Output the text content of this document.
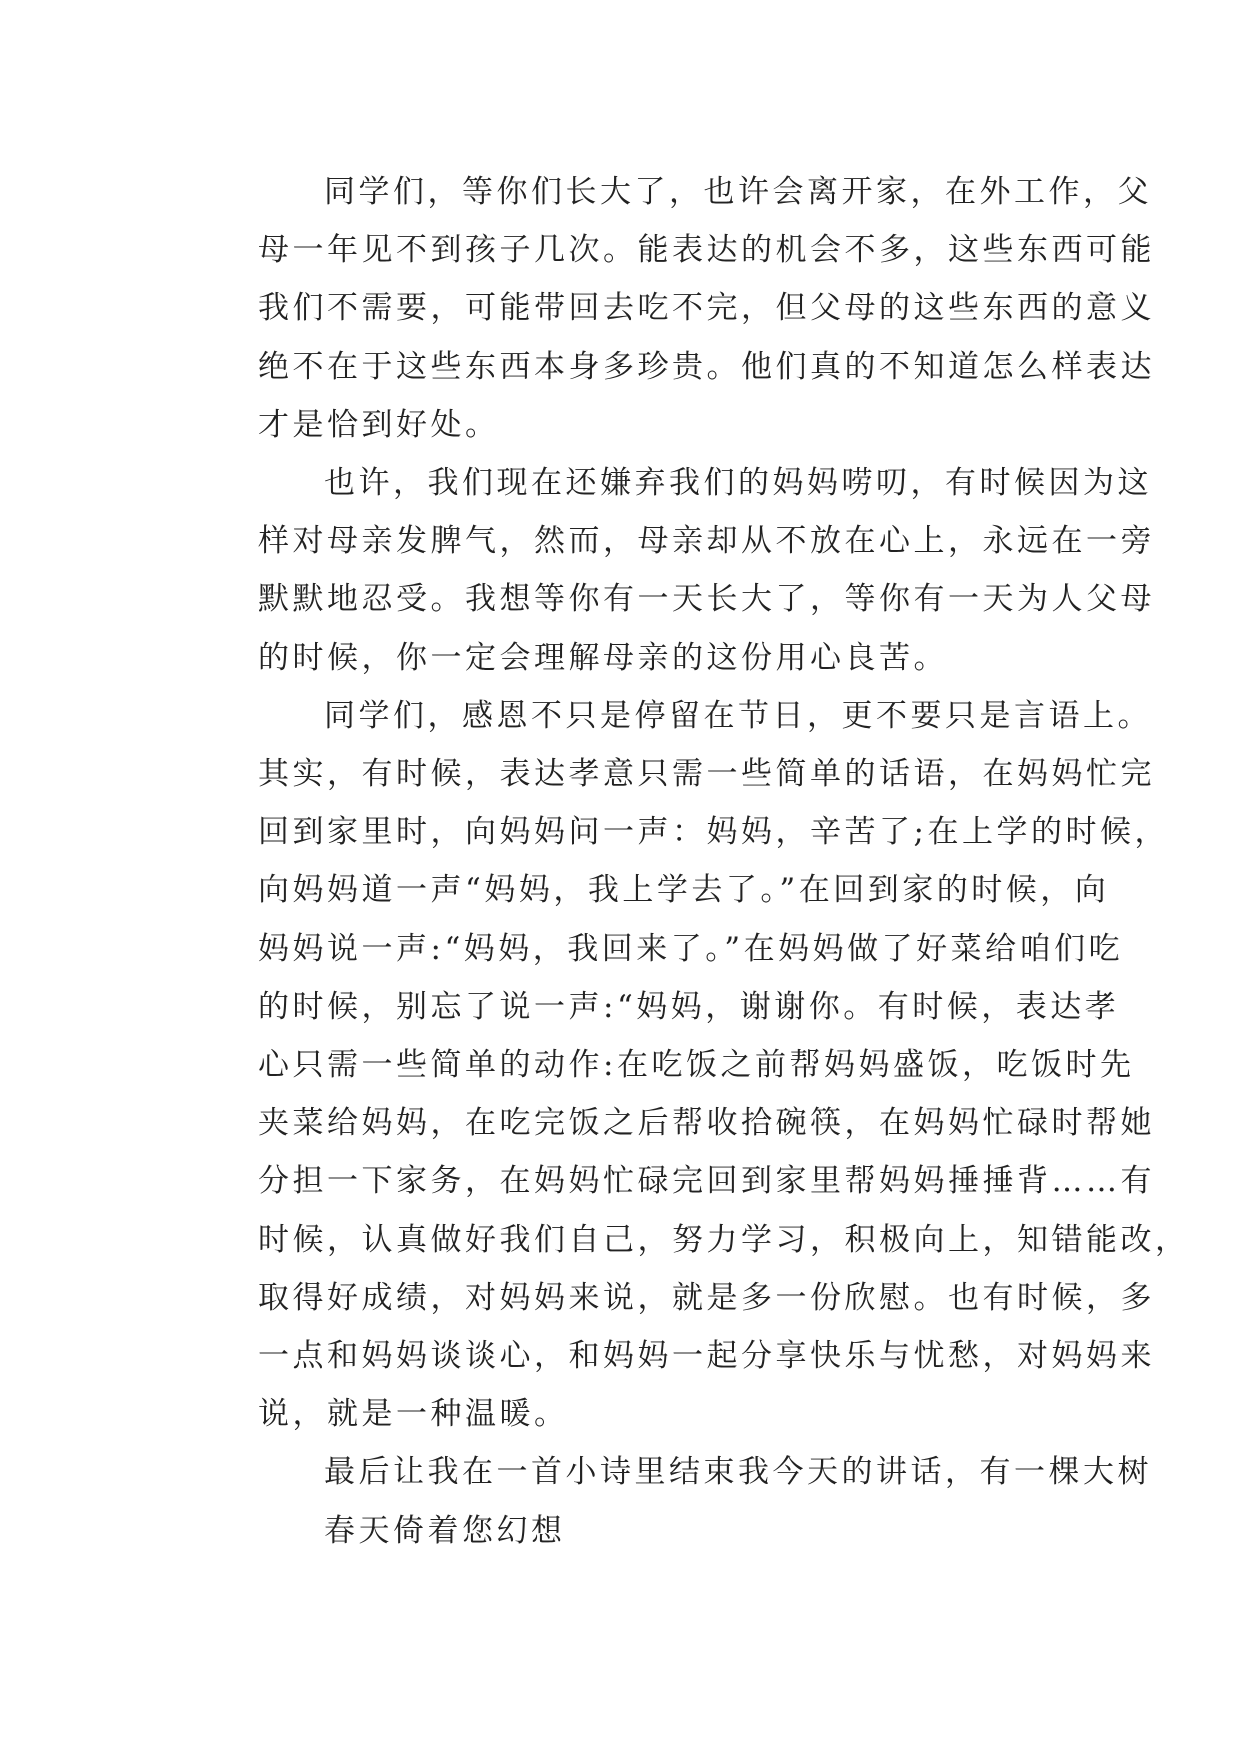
同学们，等你们长大了，也许会离开家，在外工作，父
母一年见不到孩子几次。能表达的机会不多，这些东西可能
我们不需要，可能带回去吃不完，但父母的这些东西的意义
绝不在于这些东西本身多珍贵。他们真的不知道怎么样表达
才是恰到好处。

也许，我们现在还嫌弃我们的妈妈唠叨，有时候因为这
样对母亲发脾气，然而，母亲却从不放在心上，永远在一旁
默默地忍受。我想等你有一天长大了，等你有一天为人父母
的时候，你一定会理解母亲的这份用心良苦。

同学们，感恩不只是停留在节日，更不要只是言语上。
其实，有时候，表达孝意只需一些简单的话语，在妈妈忙完
回到家里时，向妈妈问一声：妈妈，辛苦了;在上学的时候，
向妈妈道一声“妈妈，我上学去了。”在回到家的时候，向
妈妈说一声:“妈妈，我回来了。”在妈妈做了好菜给咱们吃
的时候，别忘了说一声:“妈妈，谢谢你。有时候，表达孝
心只需一些简单的动作:在吃饭之前帮妈妈盛饭，吃饭时先
夹菜给妈妈，在吃完饭之后帮收拾碗筷，在妈妈忙碌时帮她
分担一下家务，在妈妈忙碌完回到家里帮妈妈捶捶背……有
时候，认真做好我们自己，努力学习，积极向上，知错能改，
取得好成绩，对妈妈来说，就是多一份欣慰。也有时候，多
一点和妈妈谈谈心，和妈妈一起分享快乐与忧愁，对妈妈来
说，就是一种温暖。

最后让我在一首小诗里结束我今天的讲话，有一棵大树

春天倚着您幻想
